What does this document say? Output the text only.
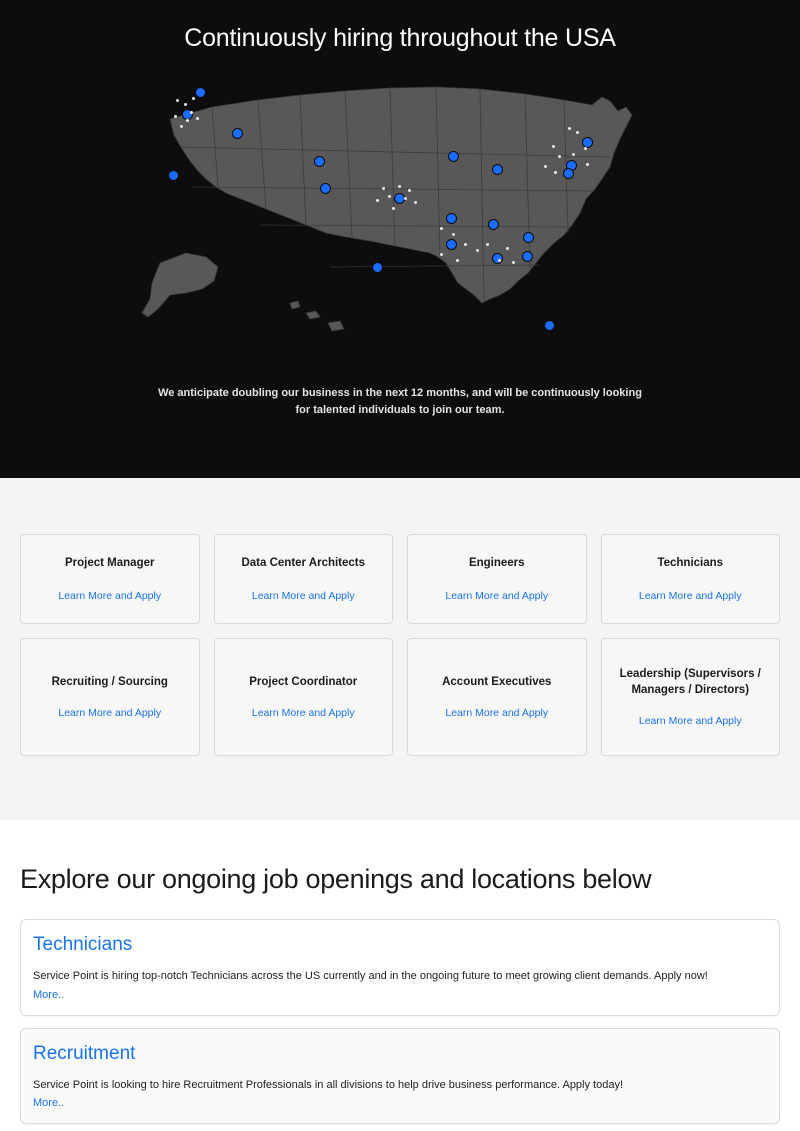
Continuously hiring throughout the USA

We anticipate doubling our business in the next 12 months, and will be continuously looking for talented individuals to join our team.

Project Manager
Learn More and Apply
Data Center Architects
Learn More and Apply
Engineers
Learn More and Apply
Technicians
Learn More and Apply
Recruiting / Sourcing
Learn More and Apply
Project Coordinator
Learn More and Apply
Account Executives
Learn More and Apply
Leadership (Supervisors / Managers / Directors)
Learn More and Apply
Explore our ongoing job openings and locations below
Technicians
Service Point is hiring top-notch Technicians across the US currently and in the ongoing future to meet growing client demands. Apply now!
More..
Recruitment
Service Point is looking to hire Recruitment Professionals in all divisions to help drive business performance. Apply today!
More..
